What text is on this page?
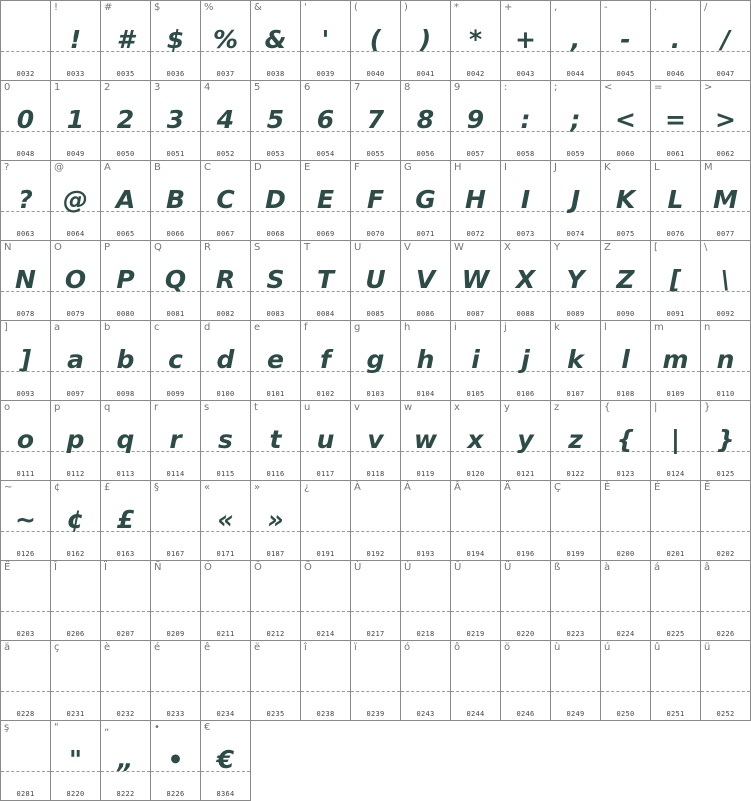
0032
!
!
0033
#
#
0035
$
$
0036
%
%
0037
&
&
0038
'
'
0039
(
(
0040
)
)
0041
*
*
0042
+
+
0043
,
,
0044
-
-
0045
.
.
0046
/
/
0047
0
0
0048
1
1
0049
2
2
0050
3
3
0051
4
4
0052
5
5
0053
6
6
0054
7
7
0055
8
8
0056
9
9
0057
:
:
0058
;
;
0059
<
<
0060
=
=
0061
>
>
0062
?
?
0063
@
@
0064
A
A
0065
B
B
0066
C
C
0067
D
D
0068
E
E
0069
F
F
0070
G
G
0071
H
H
0072
I
I
0073
J
J
0074
K
K
0075
L
L
0076
M
M
0077
N
N
0078
O
O
0079
P
P
0080
Q
Q
0081
R
R
0082
S
S
0083
T
T
0084
U
U
0085
V
V
0086
W
W
0087
X
X
0088
Y
Y
0089
Z
Z
0090
[
[
0091
\
\
0092
]
]
0093
a
a
0097
b
b
0098
c
c
0099
d
d
0100
e
e
0101
f
f
0102
g
g
0103
h
h
0104
i
i
0105
j
j
0106
k
k
0107
l
l
0108
m
m
0109
n
n
0110
o
o
0111
p
p
0112
q
q
0113
r
r
0114
s
s
0115
t
t
0116
u
u
0117
v
v
0118
w
w
0119
x
x
0120
y
y
0121
z
z
0122
{
{
0123
|
|
0124
}
}
0125
~
~
0126
¢
¢
0162
£
£
0163
§
0167
«
«
0171
»
»
0187
¿
0191
À
0192
Á
0193
Â
0194
Ä
0196
Ç
0199
È
0200
É
0201
Ê
0202
Ë
0203
Î
0206
Ï
0207
Ñ
0209
Ó
0211
Ô
0212
Ö
0214
Ù
0217
Ú
0218
Û
0219
Ü
0220
ß
0223
à
0224
á
0225
â
0226
ä
0228
ç
0231
è
0232
é
0233
ê
0234
ë
0235
î
0238
ï
0239
ó
0243
ô
0244
ö
0246
ù
0249
ú
0250
û
0251
ü
0252
ş
0281
"
"
8220
„
„
8222
•
•
8226
€
€
8364
